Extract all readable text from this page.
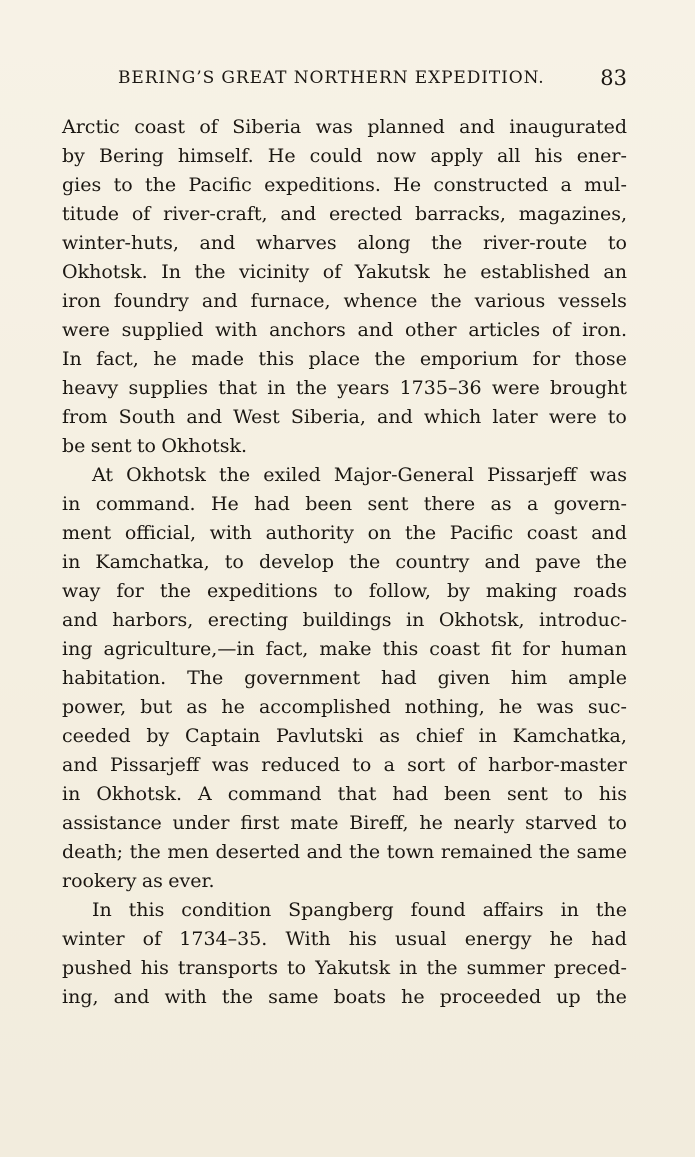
BERING’S GREAT NORTHERN EXPEDITION.	83
Arctic coast of Siberia was planned and inaugurated
by Bering himself. He could now apply all his ener-
gies to the Pacific expeditions. He constructed a mul-
titude of river-craft, and erected barracks, magazines,
winter-huts, and wharves along the river-route to
Okhotsk. In the vicinity of Yakutsk he established an
iron foundry and furnace, whence the various vessels
were supplied with anchors and other articles of iron.
In fact, he made this place the emporium for those
heavy supplies that in the years 1735–36 were brought
from South and West Siberia, and which later were to
be sent to Okhotsk.
At Okhotsk the exiled Major-General Pissarjeff was
in command. He had been sent there as a govern-
ment official, with authority on the Pacific coast and
in Kamchatka, to develop the country and pave the
way for the expeditions to follow, by making roads
and harbors, erecting buildings in Okhotsk, introduc-
ing agriculture,—in fact, make this coast fit for human
habitation. The government had given him ample
power, but as he accomplished nothing, he was suc-
ceeded by Captain Pavlutski as chief in Kamchatka,
and Pissarjeff was reduced to a sort of harbor-master
in Okhotsk. A command that had been sent to his
assistance under first mate Bireff, he nearly starved to
death; the men deserted and the town remained the same
rookery as ever.
In this condition Spangberg found affairs in the
winter of 1734–35. With his usual energy he had
pushed his transports to Yakutsk in the summer preced-
ing, and with the same boats he proceeded up the
